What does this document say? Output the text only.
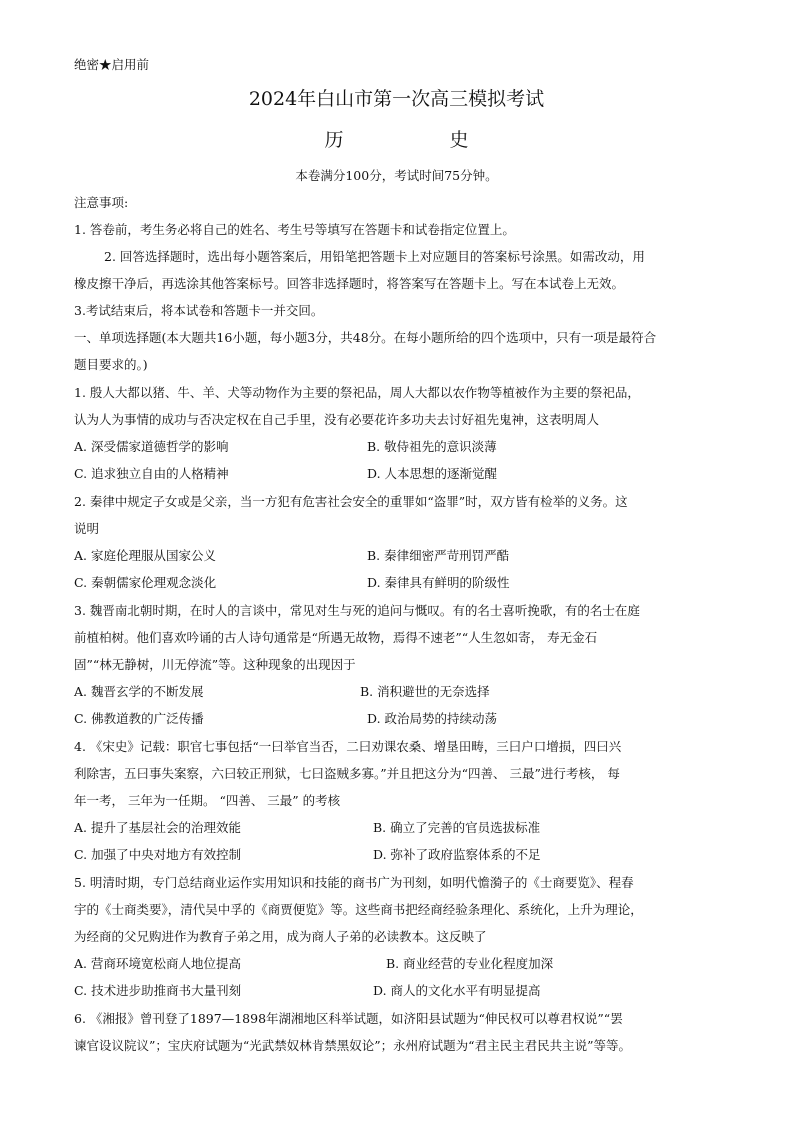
绝密★启用前
2024年白山市第一次高三模拟考试
历 史
本卷满分100分，考试时间75分钟。
注意事项:
1. 答卷前，考生务必将自己的姓名、考生号等填写在答题卡和试卷指定位置上。
2. 回答选择题时，选出每小题答案后，用铅笔把答题卡上对应题目的答案标号涂黑。如需改动，用
橡皮擦干净后，再选涂其他答案标号。回答非选择题时，将答案写在答题卡上。写在本试卷上无效。
3.考试结束后，将本试卷和答题卡一并交回。
一、单项选择题(本大题共16小题，每小题3分，共48分。在每小题所给的四个选项中，只有一项是最符合
题目要求的。)
1. 殷人大都以猪、牛、羊、犬等动物作为主要的祭祀品，周人大都以农作物等植被作为主要的祭祀品，
认为人为事情的成功与否决定权在自己手里，没有必要花许多功夫去讨好祖先鬼神，这表明周人
A. 深受儒家道德哲学的影响	B. 敬侍祖先的意识淡薄
C. 追求独立自由的人格精神	D. 人本思想的逐渐觉醒
2. 秦律中规定子女或是父亲，当一方犯有危害社会安全的重罪如“盗罪”时，双方皆有检举的义务。这
说明
A. 家庭伦理服从国家公义	B. 秦律细密严苛刑罚严酷
C. 秦朝儒家伦理观念淡化	D. 秦律具有鲜明的阶级性
3. 魏晋南北朝时期，在时人的言谈中，常见对生与死的追问与慨叹。有的名士喜听挽歌，有的名士在庭
前植柏树。他们喜欢吟诵的古人诗句通常是“所遇无故物，焉得不速老”“人生忽如寄， 寿无金石
固”“林无静树，川无停流”等。这种现象的出现因于
A. 魏晋玄学的不断发展	B. 消积避世的无奈选择
C. 佛教道教的广泛传播	D. 政治局势的持续动荡
4. 《宋史》记载：职官七事包括“一曰举官当否，二曰劝课农桑、增垦田畴，三曰户口增损，四曰兴
利除害，五曰事失案察，六曰较正刑狱，七曰盗贼多寡。”并且把这分为“四善、 三最”进行考核， 每
年一考， 三年为一任期。 “四善、 三最” 的考核
A. 提升了基层社会的治理效能	B. 确立了完善的官员选拔标准
C. 加强了中央对地方有效控制	D. 弥补了政府监察体系的不足
5. 明清时期，专门总结商业运作实用知识和技能的商书广为刊刻，如明代憺漪子的《士商要览》、程春
宇的《士商类要》，清代吴中孚的《商贾便览》等。这些商书把经商经验条理化、系统化，上升为理论，
为经商的父兄购进作为教育子弟之用，成为商人子弟的必读教本。这反映了
A. 营商环境宽松商人地位提高	B. 商业经营的专业化程度加深
C. 技术进步助推商书大量刊刻	D. 商人的文化水平有明显提高
6. 《湘报》曾刊登了1897—1898年湖湘地区科举试题，如济阳县试题为“伸民权可以尊君权说”“罢
谏官设议院议”；宝庆府试题为“光武禁奴林肯禁黑奴论”；永州府试题为“君主民主君民共主说”等等。
